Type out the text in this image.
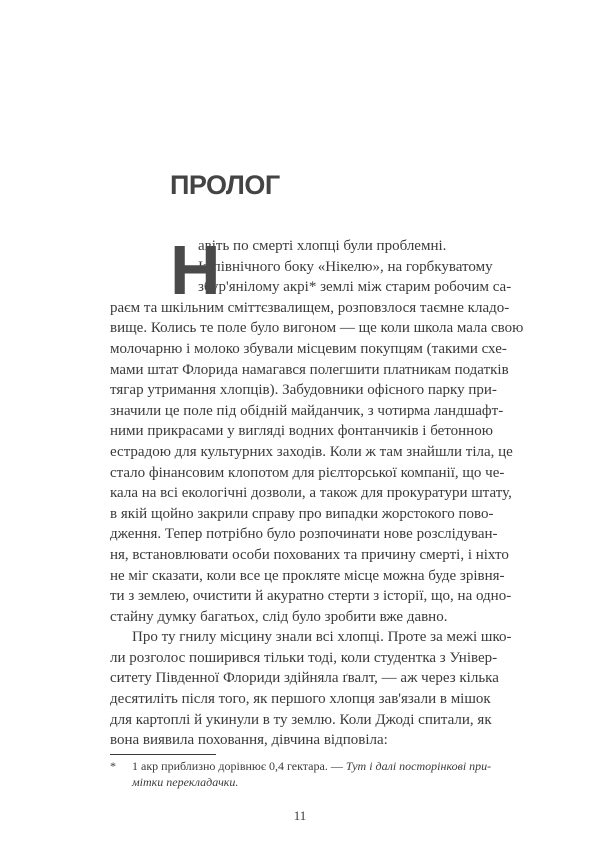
ПРОЛОГ
Н
авіть по смерті хлопці були проблемні.
Із північного боку «Нікелю», на горбкуватому
збур'янілому акрі* землі між старим робочим са-
раєм та шкільним сміттєзвалищем, розповзлося таємне кладо-
вище. Колись те поле було вигоном — ще коли школа мала свою
молочарню і молоко збували місцевим покупцям (такими схе-
мами штат Флорида намагався полегшити платникам податків
тягар утримання хлопців). Забудовники офісного парку при-
значили це поле під обідній майданчик, з чотирма ландшафт-
ними прикрасами у вигляді водних фонтанчиків і бетонною
естрадою для культурних заходів. Коли ж там знайшли тіла, це
стало фінансовим клопотом для рієлторської компанії, що че-
кала на всі екологічні дозволи, а також для прокуратури штату,
в якій щойно закрили справу про випадки жорстокого пово-
дження. Тепер потрібно було розпочинати нове розслідуван-
ня, встановлювати особи похованих та причину смерті, і ніхто
не міг сказати, коли все це прокляте місце можна буде зрівня-
ти з землею, очистити й акуратно стерти з історії, що, на одно-
стайну думку багатьох, слід було зробити вже давно.
Про ту гнилу місцину знали всі хлопці. Проте за межі шко-
ли розголос поширився тільки тоді, коли студентка з Універ-
ситету Південної Флориди здійняла ґвалт, — аж через кілька
десятиліть після того, як першого хлопця зав'язали в мішок
для картоплі й укинули в ту землю. Коли Джоді спитали, як
вона виявила поховання, дівчина відповіла:
* 1 акр приблизно дорівнює 0,4 гектара. — Тут і далі посторінкові при-
мітки перекладачки.
11
